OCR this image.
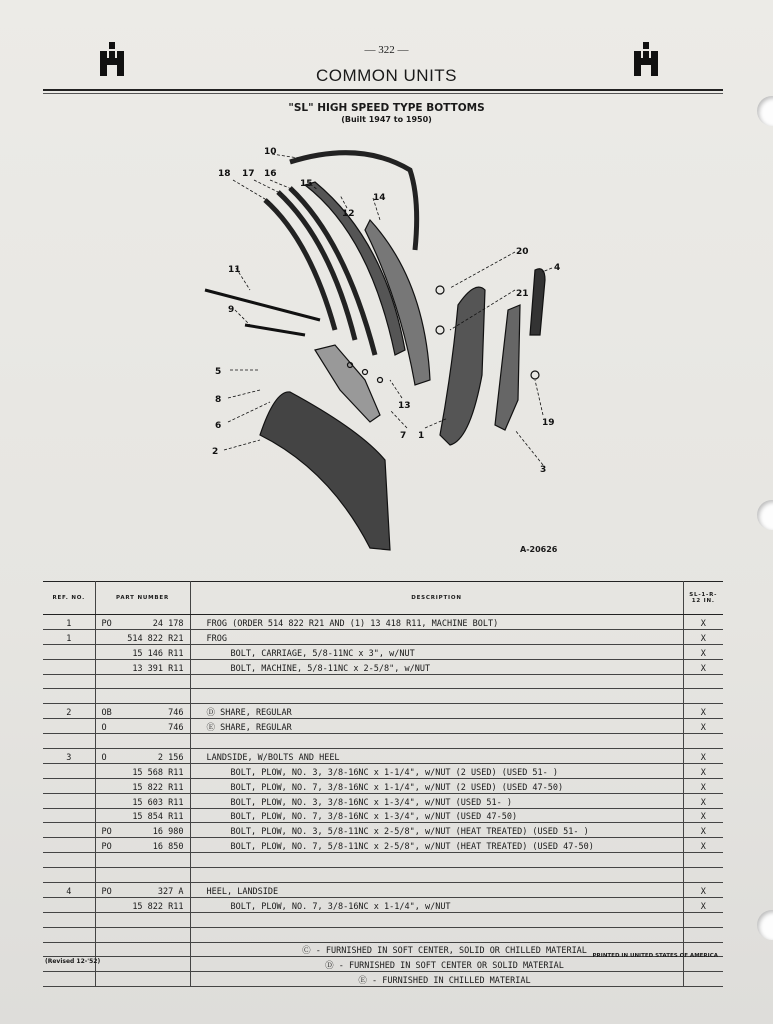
— 322 —
COMMON UNITS
"SL" HIGH SPEED TYPE BOTTOMS
(Built 1947 to 1950)
10
18 17 16
15
12
14
11
9
5
8
6
2
20
21
4
1
3
19
13
7
A-20626
REF. NO.	PART NUMBER	DESCRIPTION	SL-1-R-
12 IN.

1	PO 24 178	FROG (ORDER 514 822 R21 AND (1) 13 418 R11, MACHINE BOLT)	X
1	514 822 R21	FROG	X
	15 146 R11	BOLT, CARRIAGE, 5/8-11NC x 3", w/NUT	X
	13 391 R11	BOLT, MACHINE, 5/8-11NC x 2-5/8", w/NUT	X

2	OB 746	Ⓓ SHARE, REGULAR	X
	O 746	Ⓔ SHARE, REGULAR	X

3	O 2 156	LANDSIDE, W/BOLTS AND HEEL	X
	15 568 R11	BOLT, PLOW, NO. 3, 3/8-16NC x 1-1/4", w/NUT (2 USED) (USED 51- )	X
	15 822 R11	BOLT, PLOW, NO. 7, 3/8-16NC x 1-1/4", w/NUT (2 USED) (USED 47-50)	X
	15 603 R11	BOLT, PLOW, NO. 3, 3/8-16NC x 1-3/4", w/NUT (USED 51- )	X
	15 854 R11	BOLT, PLOW, NO. 7, 3/8-16NC x 1-3/4", w/NUT (USED 47-50)	X
	PO 16 980	BOLT, PLOW, NO. 3, 5/8-11NC x 2-5/8", w/NUT (HEAT TREATED) (USED 51- )	X
	PO 16 850	BOLT, PLOW, NO. 7, 5/8-11NC x 2-5/8", w/NUT (HEAT TREATED) (USED 47-50)	X

4	PO 327 A	HEEL, LANDSIDE	X
	15 822 R11	BOLT, PLOW, NO. 7, 3/8-16NC x 1-1/4", w/NUT	X

		Ⓒ - FURNISHED IN SOFT CENTER, SOLID OR CHILLED MATERIAL	
		Ⓓ - FURNISHED IN SOFT CENTER OR SOLID MATERIAL	
		Ⓔ - FURNISHED IN CHILLED MATERIAL	
(Revised 12-'52)
PRINTED IN UNITED STATES OF AMERICA
